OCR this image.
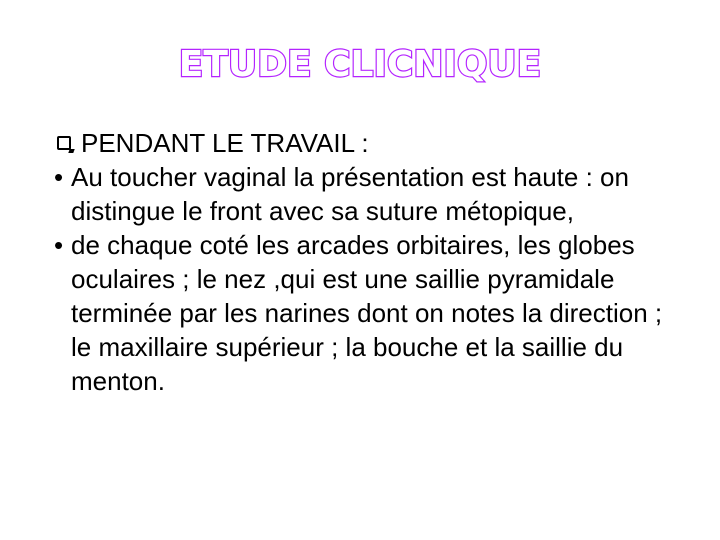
ETUDE CLICNIQUE
PENDANT LE TRAVAIL :
• Au toucher vaginal la présentation est haute : on distingue le front avec sa suture métopique,
• de chaque coté les arcades orbitaires, les globes oculaires ; le nez ,qui est une saillie pyramidale terminée par les narines dont on notes la direction ; le maxillaire supérieur ; la bouche et la saillie du menton.
